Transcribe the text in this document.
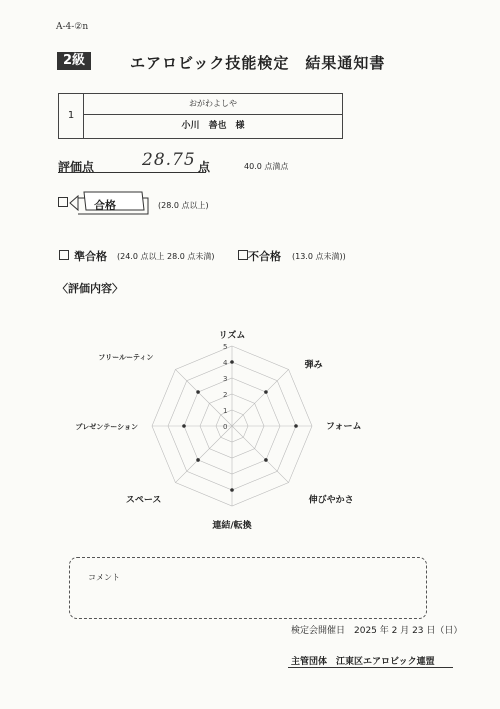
A-4-②n
2級	エアロビック技能検定　結果通知書
1
おがわよしや
小川　善也　様
評価点	28.75 点	40.0 点満点
合格	(28.0 点以上)
準合格 (24.0 点以上 28.0 点未満)	不合格 (13.0 点未満))
〈評価内容〉
0
1
2
3
4
5
リズム
弾み
フォーム
伸びやかさ
連結/転換
スペース
プレゼンテーション
フリールーティン
コメント
検定会開催日　2025 年 2 月 23 日（日）
主管団体　江東区エアロビック連盟
